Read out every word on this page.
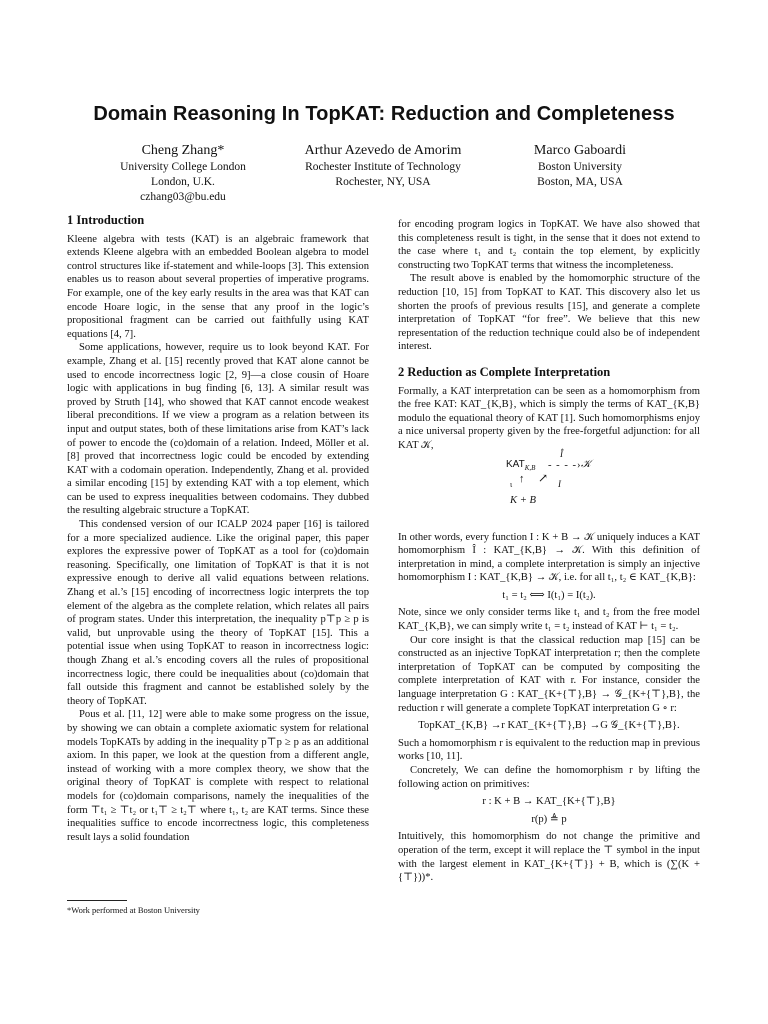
Domain Reasoning In TopKAT: Reduction and Completeness
Cheng Zhang*
University College London
London, U.K.
czhang03@bu.edu
Arthur Azevedo de Amorim
Rochester Institute of Technology
Rochester, NY, USA
Marco Gaboardi
Boston University
Boston, MA, USA
1 Introduction

Kleene algebra with tests (KAT) is an algebraic framework that extends Kleene algebra with an embedded Boolean algebra to model control structures like if-statement and while-loops [3]. This extension enables us to reason about several properties of imperative programs. For example, one of the key early results in the area was that KAT can encode Hoare logic, in the sense that any proof in the logic’s propositional fragment can be carried out faithfully using KAT equations [4, 7].

Some applications, however, require us to look beyond KAT. For example, Zhang et al. [15] recently proved that KAT alone cannot be used to encode incorrectness logic [2, 9]—a close cousin of Hoare logic with applications in bug finding [6, 13]. A similar result was proved by Struth [14], who showed that KAT cannot encode weakest liberal preconditions. If we view a program as a relation between its input and output states, both of these limitations arise from KAT’s lack of power to encode the (co)domain of a relation. Indeed, Möller et al. [8] proved that incorrectness logic could be encoded by extending KAT with a codomain operation. Independently, Zhang et al. provided a similar encoding [15] by extending KAT with a top element, which can be used to express inequalities between codomains. They dubbed the resulting algebraic structure a TopKAT.

This condensed version of our ICALP 2024 paper [16] is tailored for a more specialized audience. Like the original paper, this paper explores the expressive power of TopKAT as a tool for (co)domain reasoning. Specifically, one limitation of TopKAT is that it is not expressive enough to derive all valid equations between relations. Zhang et al.’s [15] encoding of incorrectness logic interprets the top element of the algebra as the complete relation, which relates all pairs of program states. Under this interpretation, the inequality p⊤p ≥ p is valid, but unprovable using the theory of TopKAT [15]. This a potential issue when using TopKAT to reason in incorrectness logic: though Zhang et al.’s encoding covers all the rules of propositional incorrectness logic, there could be inequalities about (co)domain that fall outside this fragment and cannot be established solely by the theory of TopKAT.

Pous et al. [11, 12] were able to make some progress on the issue, by showing we can obtain a complete axiomatic system for relational models TopKATs by adding in the inequality p⊤p ≥ p as an additional axiom. In this paper, we look at the question from a different angle, instead of working with a more complex theory, we show that the original theory of TopKAT is complete with respect to relational models for (co)domain comparisons, namely the inequalities of the form ⊤t₁ ≥ ⊤t₂ or t₁⊤ ≥ t₂⊤ where t₁, t₂ are KAT terms. Since these inequalities suffice to encode incorrectness logic, this completeness result lays a solid foundation

for encoding program logics in TopKAT. We have also showed that this completeness result is tight, in the sense that it does not extend to the case where t₁ and t₂ contain the top element, by explicitly constructing two TopKAT terms that witness the incompleteness.

The result above is enabled by the homomorphic structure of the reduction [10, 15] from TopKAT to KAT. This discovery also let us shorten the proofs of previous results [15], and generate a complete interpretation of TopKAT “for free”. We believe that this new representation of the reduction technique could also be of independent interest.

2 Reduction as Complete Interpretation

Formally, a KAT interpretation can be seen as a homomorphism from the free KAT: KAT_{K,B}, which is simply the terms of KAT_{K,B} modulo the equational theory of KAT [1]. Such homomorphisms enjoy a nice universal property given by the free-forgetful adjunction: for all KAT 𝒦,

$KAT_{K,B}$
Î
- - - -› 𝒦
↑
ι ↗ I
K + B

In other words, every function I : K + B → 𝒦 uniquely induces a KAT homomorphism Î : KAT_{K,B} → 𝒦. With this definition of interpretation in mind, a complete interpretation is simply an injective homomorphism I : KAT_{K,B} → 𝒦, i.e. for all t₁, t₂ ∈ KAT_{K,B}:

t₁ = t₂ ⟺ I(t₁) = I(t₂).

Note, since we only consider terms like t₁ and t₂ from the free model KAT_{K,B}, we can simply write t₁ = t₂ instead of KAT ⊢ t₁ = t₂.

Our core insight is that the classical reduction map [15] can be constructed as an injective TopKAT interpretation r; then the complete interpretation of TopKAT can be computed by compositing the complete interpretation of KAT with r. For instance, consider the language interpretation G : KAT_{K+{⊤},B} → 𝒢_{K+{⊤},B}, the reduction r will generate a complete TopKAT interpretation G ∘ r:

TopKAT_{K,B} →r KAT_{K+{⊤},B} →G 𝒢_{K+{⊤},B}.

Such a homomorphism r is equivalent to the reduction map in previous works [10, 11].

Concretely, We can define the homomorphism r by lifting the following action on primitives:

r : K + B → KAT_{K+{⊤},B}
r(p) ≜ p

Intuitively, this homomorphism do not change the primitive and operation of the term, except it will replace the ⊤ symbol in the input with the largest element in KAT_{K+{⊤}} + B, which is (∑(K + {⊤}))*.

*Work performed at Boston University
